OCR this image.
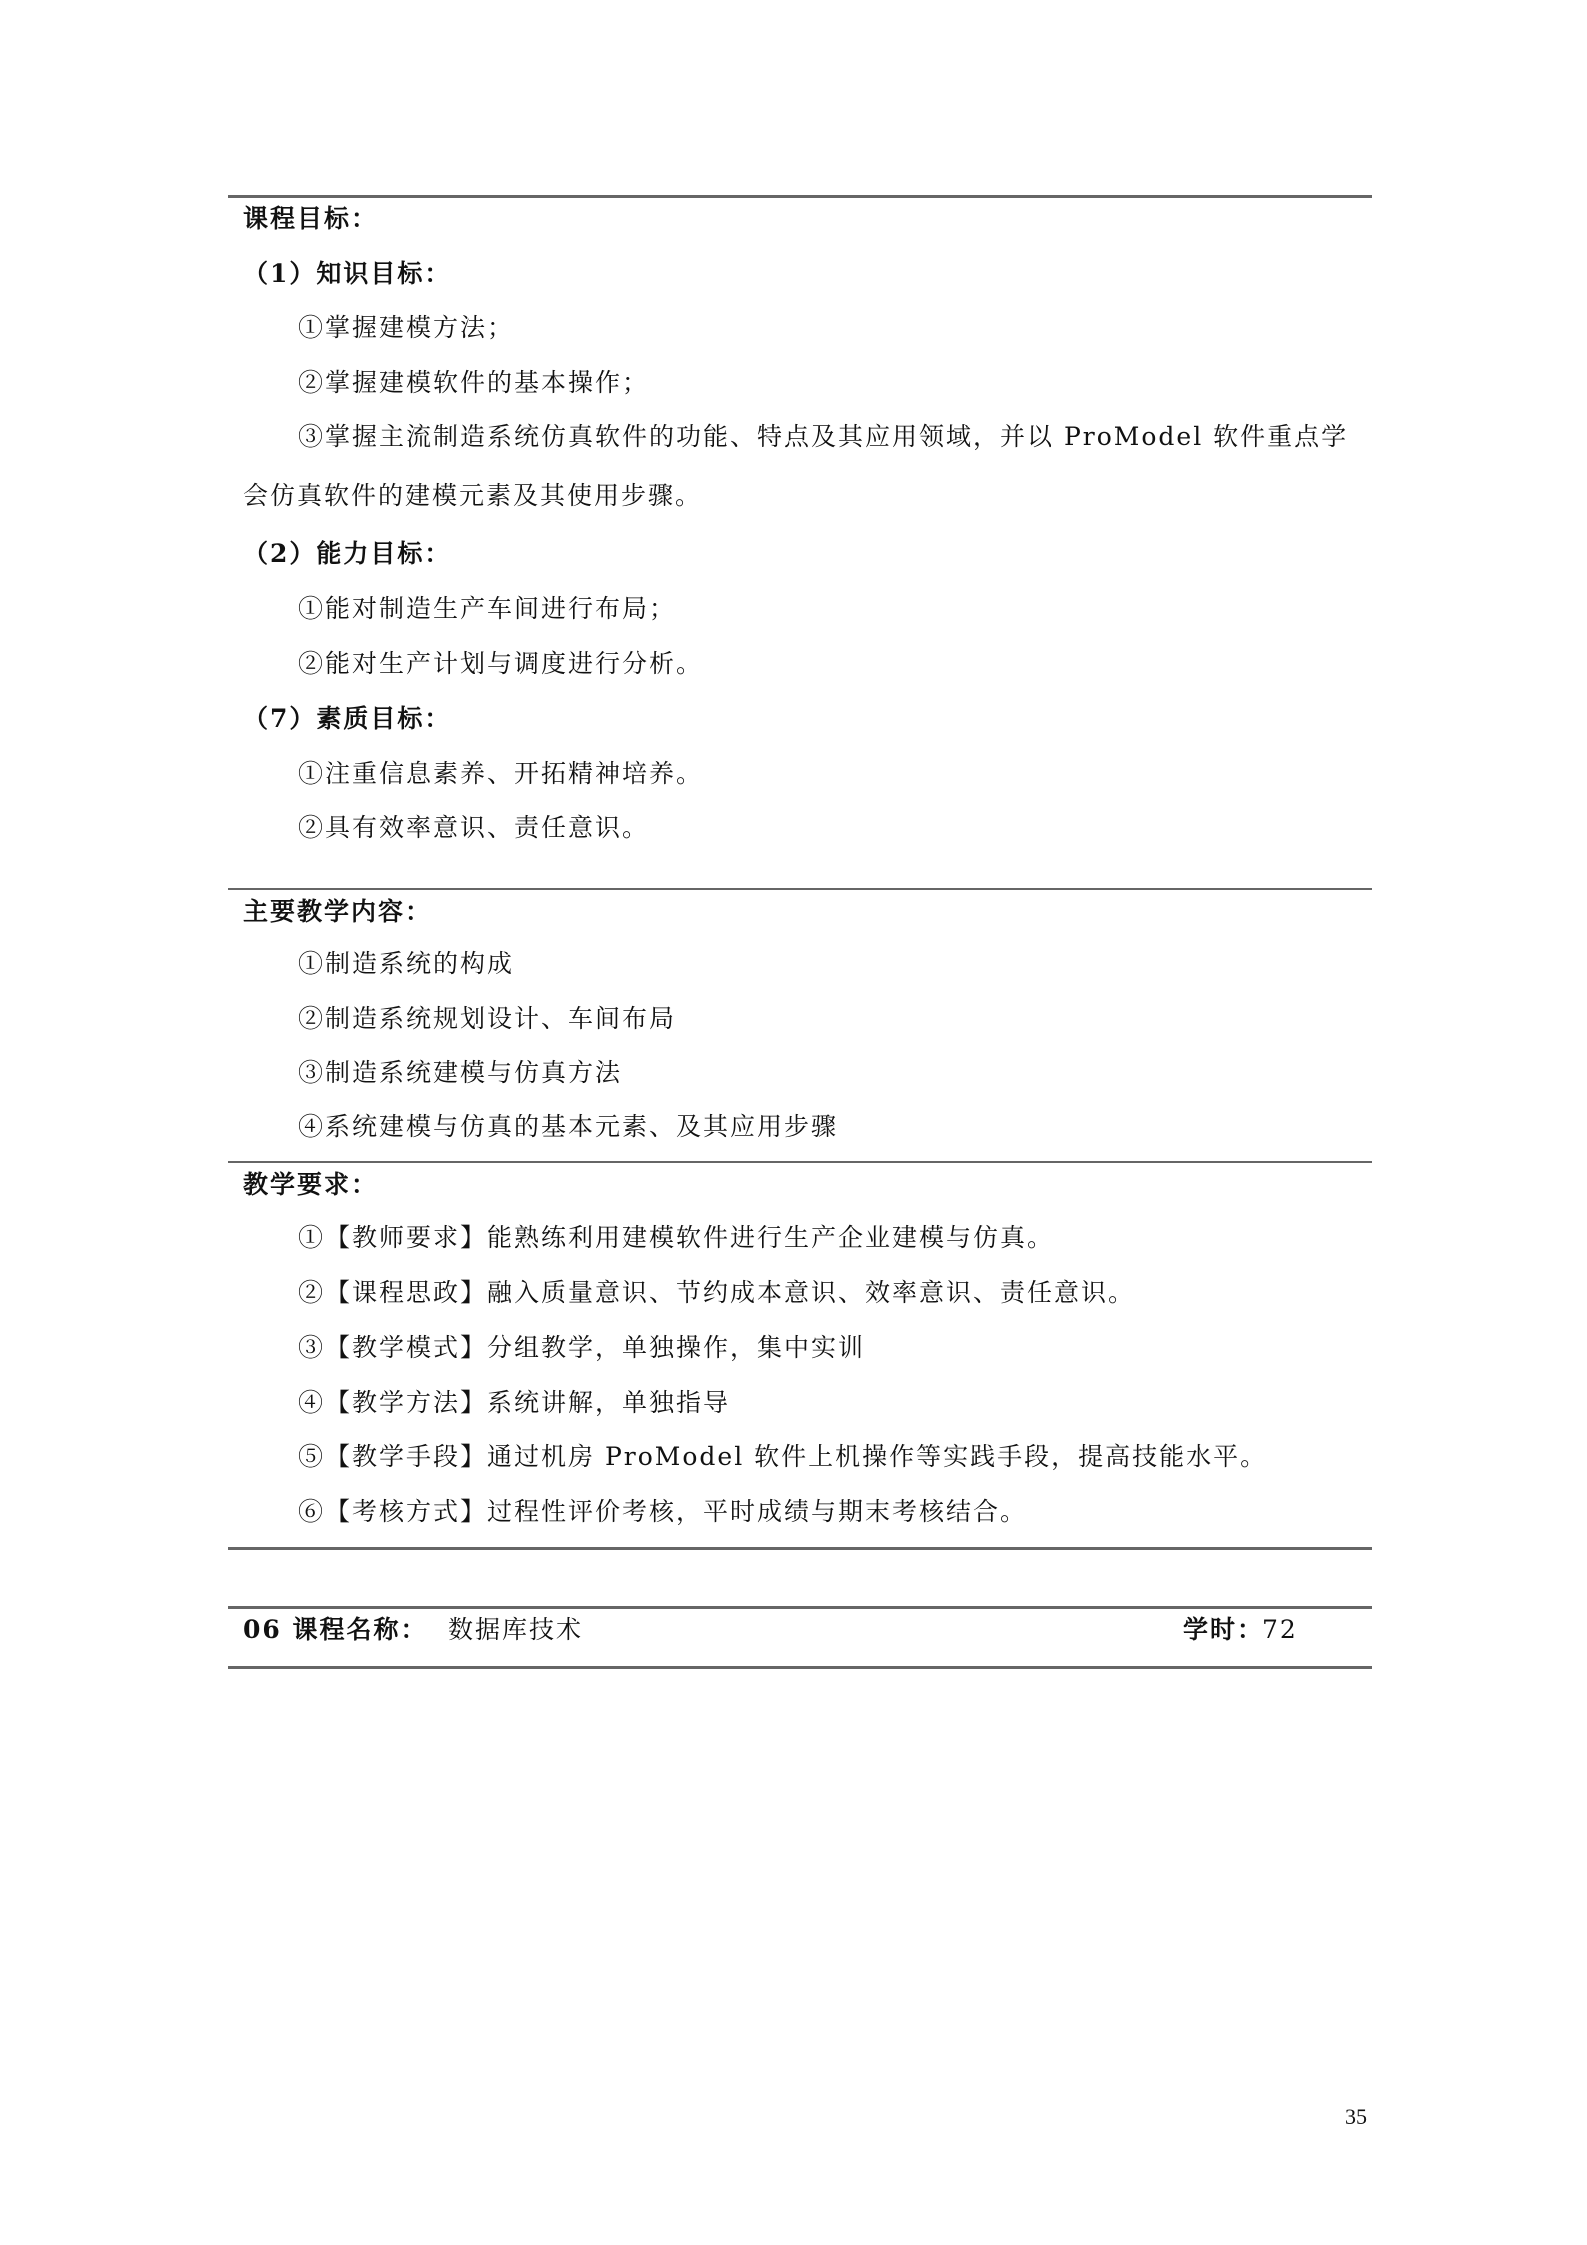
课程目标：
（1）知识目标：
①掌握建模方法；
②掌握建模软件的基本操作；
③掌握主流制造系统仿真软件的功能、特点及其应用领域，并以 ProModel 软件重点学
会仿真软件的建模元素及其使用步骤。
（2）能力目标：
①能对制造生产车间进行布局；
②能对生产计划与调度进行分析。
（7）素质目标：
①注重信息素养、开拓精神培养。
②具有效率意识、责任意识。
主要教学内容：
①制造系统的构成
②制造系统规划设计、车间布局
③制造系统建模与仿真方法
④系统建模与仿真的基本元素、及其应用步骤
教学要求：
①【教师要求】能熟练利用建模软件进行生产企业建模与仿真。
②【课程思政】融入质量意识、节约成本意识、效率意识、责任意识。
③【教学模式】分组教学，单独操作，集中实训
④【教学方法】系统讲解，单独指导
⑤【教学手段】通过机房 ProModel 软件上机操作等实践手段，提高技能水平。
⑥【考核方式】过程性评价考核，平时成绩与期末考核结合。
06 课程名称： 数据库技术	学时：
72
35
